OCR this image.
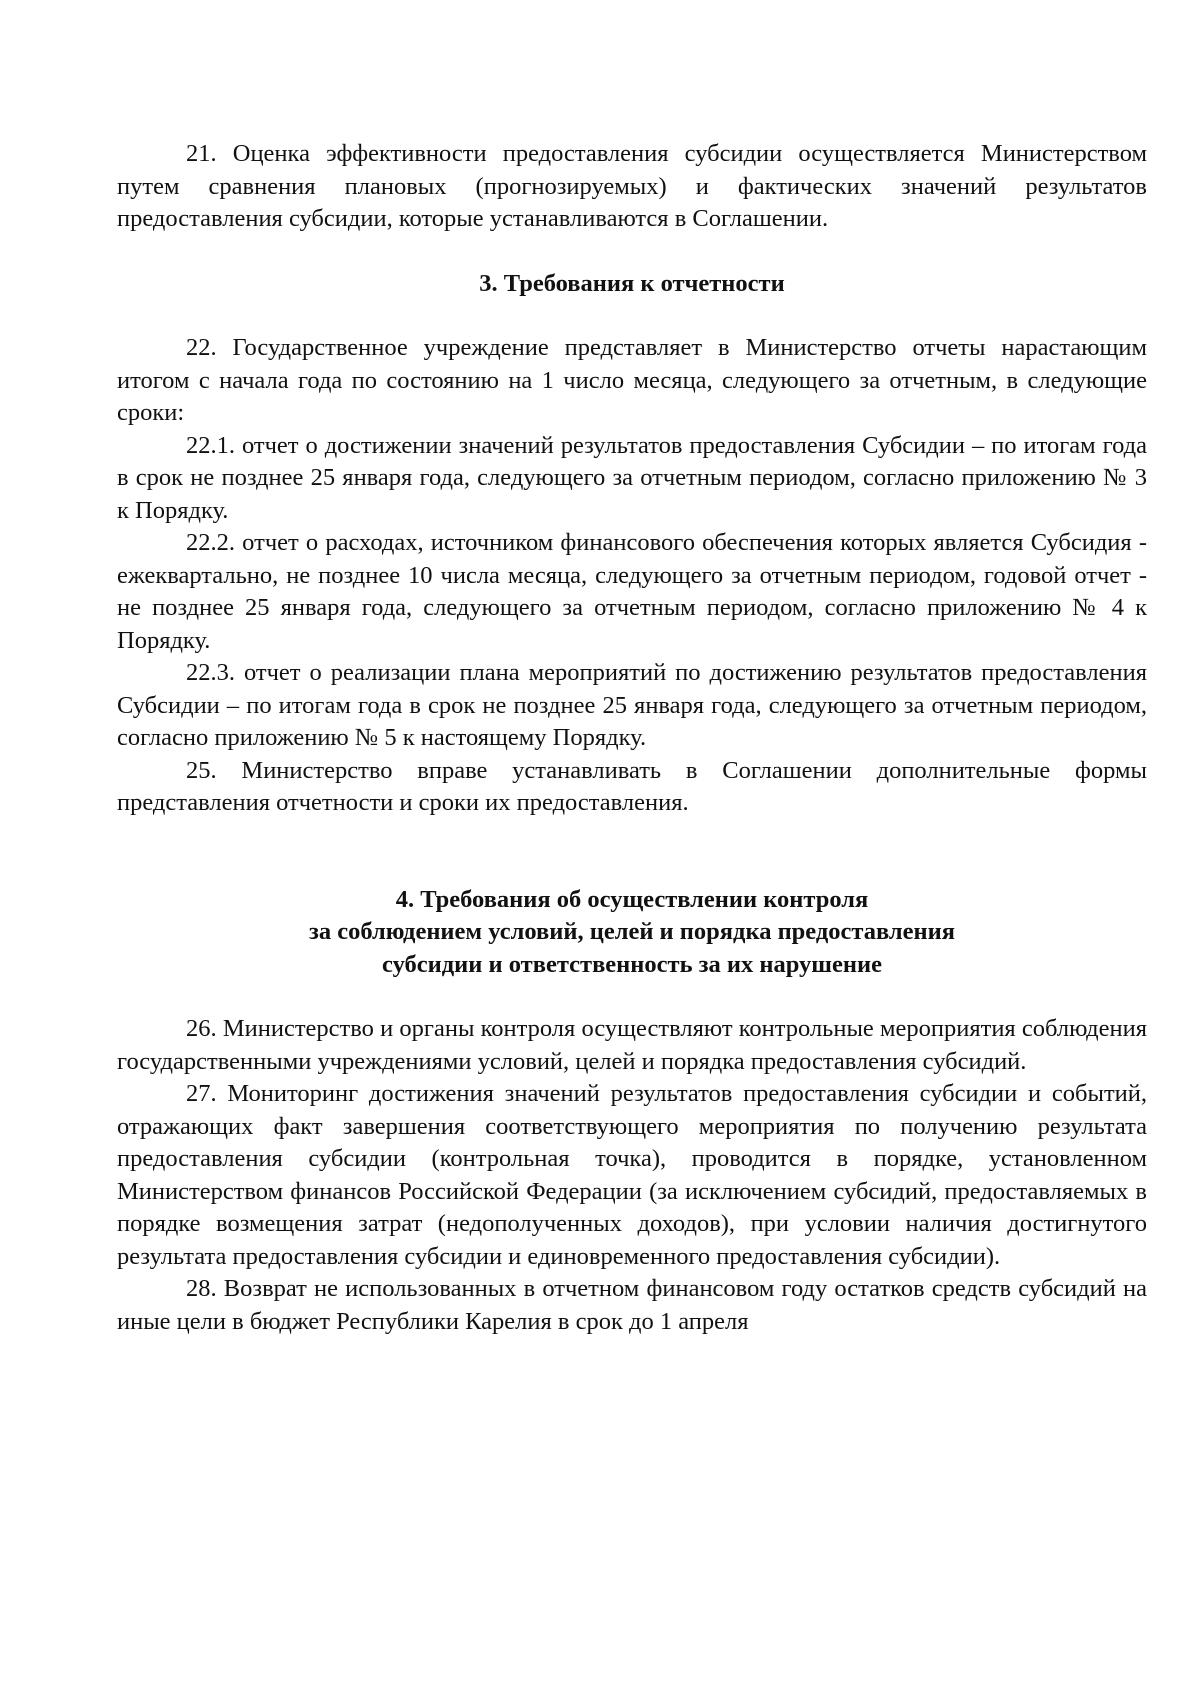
21. Оценка эффективности предоставления субсидии осуществляется Министерством путем сравнения плановых (прогнозируемых) и фактических значений результатов предоставления субсидии, которые устанавливаются в Соглашении.

3. Требования к отчетности

22. Государственное учреждение представляет в Министерство отчеты нарастающим итогом с начала года по состоянию на 1 число месяца, следующего за отчетным, в следующие сроки:

22.1. отчет о достижении значений результатов предоставления Субсидии – по итогам года в срок не позднее 25 января года, следующего за отчетным периодом, согласно приложению № 3 к Порядку.

22.2. отчет о расходах, источником финансового обеспечения которых является Субсидия - ежеквартально, не позднее 10 числа месяца, следующего за отчетным периодом, годовой отчет - не позднее 25 января года, следующего за отчетным периодом, согласно приложению № 4 к Порядку.

22.3. отчет о реализации плана мероприятий по достижению результатов предоставления Субсидии – по итогам года в срок не позднее 25 января года, следующего за отчетным периодом, согласно приложению № 5 к настоящему Порядку.

25. Министерство вправе устанавливать в Соглашении дополнительные формы представления отчетности и сроки их предоставления.

4. Требования об осуществлении контроля
за соблюдением условий, целей и порядка предоставления
субсидии и ответственность за их нарушение

26. Министерство и органы контроля осуществляют контрольные мероприятия соблюдения государственными учреждениями условий, целей и порядка предоставления субсидий.

27. Мониторинг достижения значений результатов предоставления субсидии и событий, отражающих факт завершения соответствующего мероприятия по получению результата предоставления субсидии (контрольная точка), проводится в порядке, установленном Министерством финансов Российской Федерации (за исключением субсидий, предоставляемых в порядке возмещения затрат (недополученных доходов), при условии наличия достигнутого результата предоставления субсидии и единовременного предоставления субсидии).

28. Возврат не использованных в отчетном финансовом году остатков средств субсидий на иные цели в бюджет Республики Карелия в срок до 1 апреля
